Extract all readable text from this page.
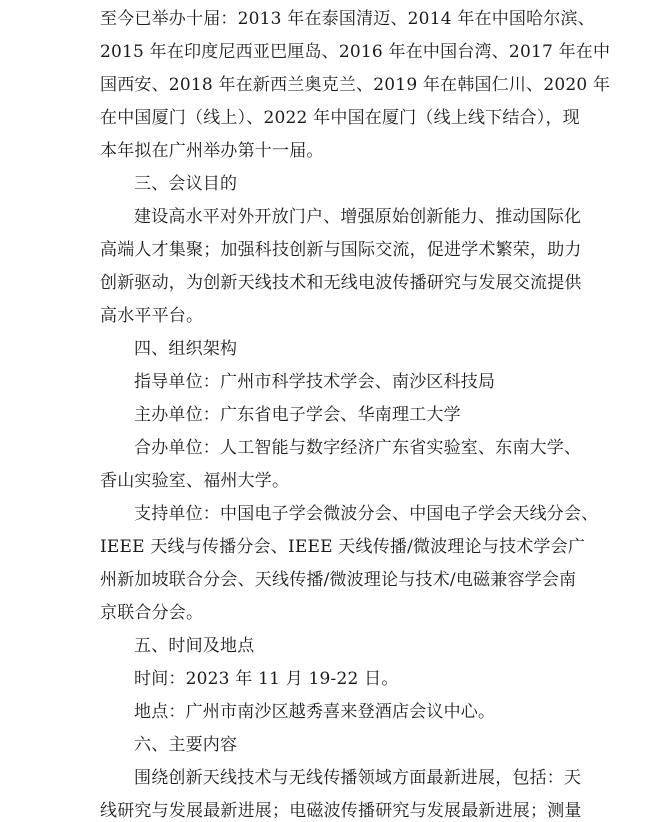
至今已举办十届：2013 年在泰国清迈、2014 年在中国哈尔滨、
2015 年在印度尼西亚巴厘岛、2016 年在中国台湾、2017 年在中
国西安、2018 年在新西兰奥克兰、2019 年在韩国仁川、2020 年
在中国厦门（线上）、2022 年中国在厦门（线上线下结合），现
本年拟在广州举办第十一届。
三、会议目的
建设高水平对外开放门户、增强原始创新能力、推动国际化
高端人才集聚；加强科技创新与国际交流，促进学术繁荣，助力
创新驱动，为创新天线技术和无线电波传播研究与发展交流提供
高水平平台。
四、组织架构
指导单位：广州市科学技术学会、南沙区科技局
主办单位：广东省电子学会、华南理工大学
合办单位：人工智能与数字经济广东省实验室、东南大学、
香山实验室、福州大学。
支持单位：中国电子学会微波分会、中国电子学会天线分会、
IEEE 天线与传播分会、IEEE 天线传播/微波理论与技术学会广
州新加坡联合分会、天线传播/微波理论与技术/电磁兼容学会南
京联合分会。
五、时间及地点
时间：2023 年 11 月 19-22 日。
地点：广州市南沙区越秀喜来登酒店会议中心。
六、主要内容
围绕创新天线技术与无线传播领域方面最新进展，包括：天
线研究与发展最新进展；电磁波传播研究与发展最新进展；测量
